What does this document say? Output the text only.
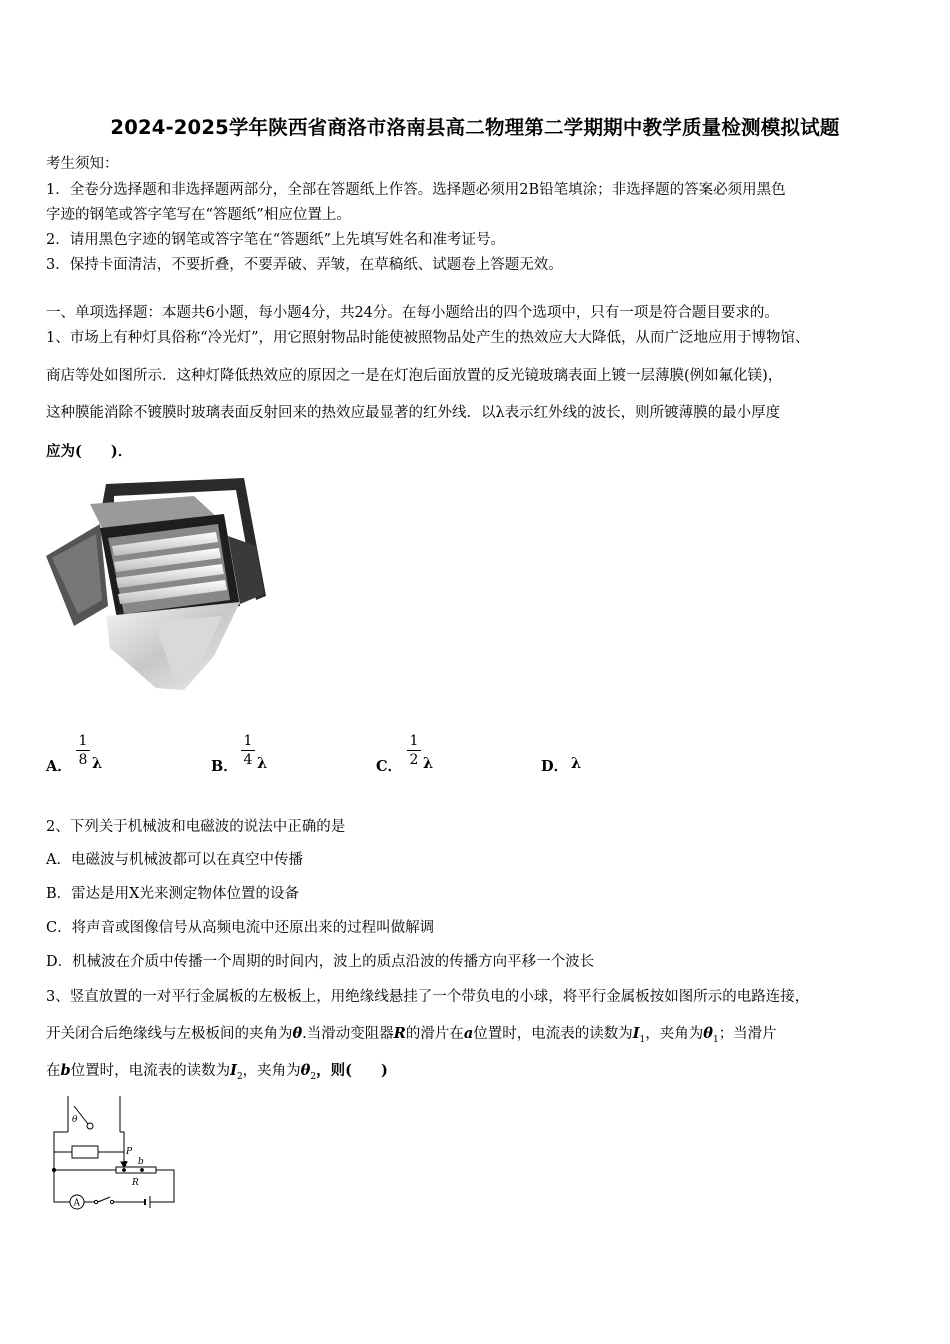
2024-2025学年陕西省商洛市洛南县高二物理第二学期期中教学质量检测模拟试题
考生须知：
1．全卷分选择题和非选择题两部分，全部在答题纸上作答。选择题必须用2B铅笔填涂；非选择题的答案必须用黑色
字迹的钢笔或答字笔写在“答题纸”相应位置上。
2．请用黑色字迹的钢笔或答字笔在“答题纸”上先填写姓名和准考证号。
3．保持卡面清洁，不要折叠，不要弄破、弄皱，在草稿纸、试题卷上答题无效。
一、单项选择题：本题共6小题，每小题4分，共24分。在每小题给出的四个选项中，只有一项是符合题目要求的。
1、市场上有种灯具俗称“冷光灯”，用它照射物品时能使被照物品处产生的热效应大大降低，从而广泛地应用于博物馆、
商店等处如图所示．这种灯降低热效应的原因之一是在灯泡后面放置的反光镜玻璃表面上镀一层薄膜(例如氟化镁)，
这种膜能消除不镀膜时玻璃表面反射回来的热效应最显著的红外线．以λ表示红外线的波长，则所镀薄膜的最小厚度
应为(　　)．
A．
1
8 λ	B．
1
4 λ	C．
1
2 λ	D． λ
2、下列关于机械波和电磁波的说法中正确的是
A．电磁波与机械波都可以在真空中传播
B．雷达是用X光来测定物体位置的设备
C．将声音或图像信号从高频电流中还原出来的过程叫做解调
D．机械波在介质中传播一个周期的时间内，波上的质点沿波的传播方向平移一个波长
3、竖直放置的一对平行金属板的左极板上，用绝缘线悬挂了一个带负电的小球，将平行金属板按如图所示的电路连接，
开关闭合后绝缘线与左极板间的夹角为θ.当滑动变阻器R的滑片在a位置时，电流表的读数为$I_1$，夹角为$\theta_1$；当滑片
在b位置时，电流表的读数为$I_2$，夹角为$\theta_2$，则(　　)
θ
P
a b
R
A
